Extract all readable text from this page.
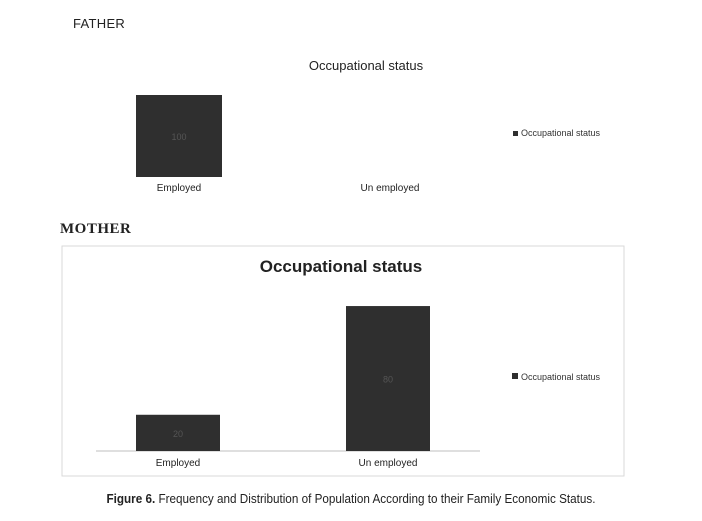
FATHER
MOTHER
Occupational status
100
Employed	Un employed
Occupational status
Occupational status
20
80
Employed	Un employed
Occupational status
Figure 6. Frequency and Distribution of Population According to their Family Economic Status.
